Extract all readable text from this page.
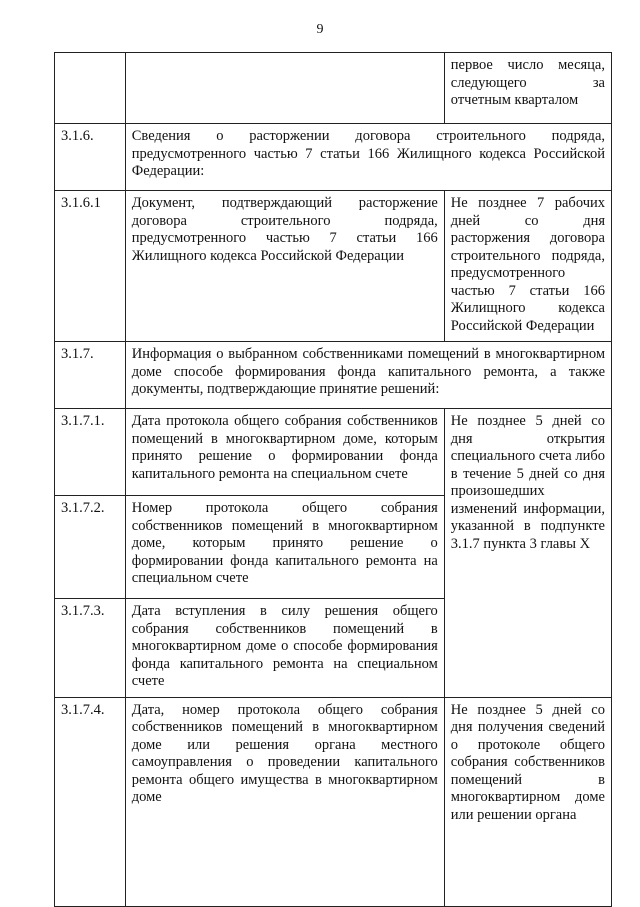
9
		первое число месяца, следующего за отчетным кварталом
3.1.6.	Сведения о расторжении договора строительного подряда, предусмотренного частью 7 статьи 166 Жилищного кодекса Российской Федерации:	
3.1.6.1	Документ, подтверждающий расторжение договора строительного подряда, предусмотренного частью 7 статьи 166 Жилищного кодекса Российской Федерации	Не позднее 7 рабочих дней со дня расторжения договора строительного подряда, предусмотренного частью 7 статьи 166 Жилищного кодекса Российской Федерации
3.1.7.	Информация о выбранном собственниками помещений в многоквартирном доме способе формирования фонда капитального ремонта, а также документы, подтверждающие принятие решений:	
3.1.7.1.	Дата протокола общего собрания собственников помещений в многоквартирном доме, которым принято решение о формировании фонда капитального ремонта на специальном счете	Не позднее 5 дней со дня открытия специального счета либо в течение 5 дней со дня произошедших изменений информации, указанной в подпункте 3.1.7 пункта 3 главы X
3.1.7.2.	Номер протокола общего собрания собственников помещений в многоквартирном доме, которым принято решение о формировании фонда капитального ремонта на специальном счете	
3.1.7.3.	Дата вступления в силу решения общего собрания собственников помещений в многоквартирном доме о способе формирования фонда капитального ремонта на специальном счете	
3.1.7.4.	Дата, номер протокола общего собрания собственников помещений в многоквартирном доме или решения органа местного самоуправления о проведении капитального ремонта общего имущества в многоквартирном доме	Не позднее 5 дней со дня получения сведений о протоколе общего собрания собственников помещений в многоквартирном доме или решении органа
